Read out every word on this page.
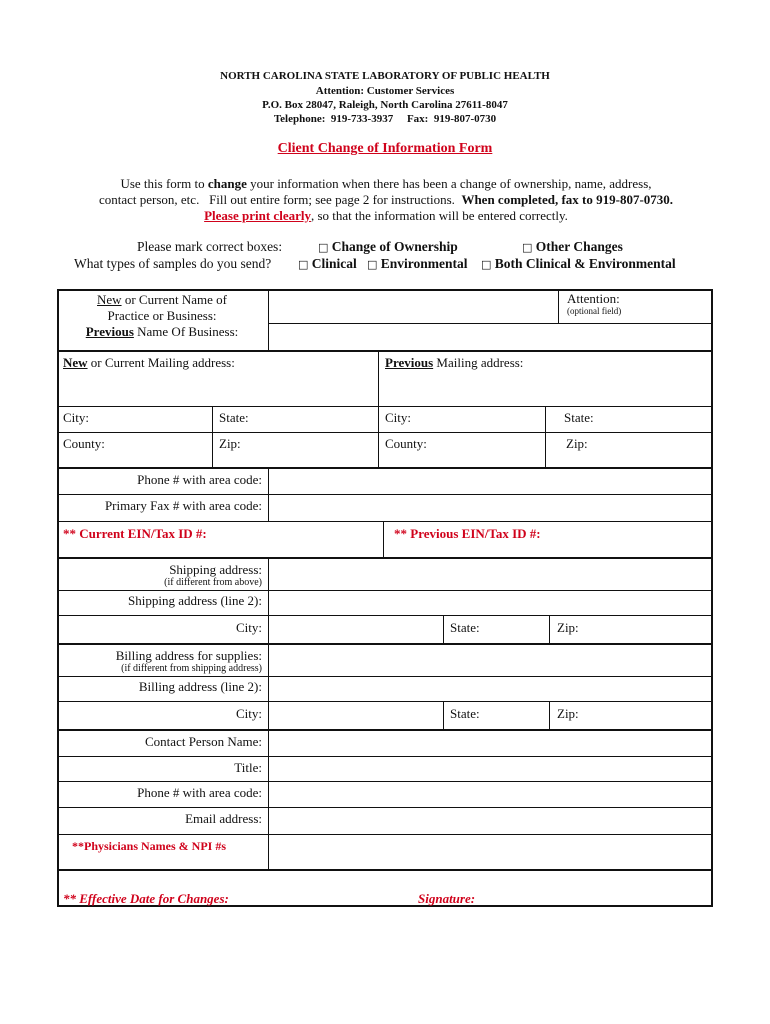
NORTH CAROLINA STATE LABORATORY OF PUBLIC HEALTH
Attention: Customer Services
P.O. Box 28047, Raleigh, North Carolina 27611-8047
Telephone:  919-733-3937     Fax:  919-807-0730
Client Change of Information Form
Use this form to change your information when there has been a change of ownership, name, address,
contact person, etc.   Fill out entire form; see page 2 for instructions.  When completed, fax to 919-807-0730.
Please print clearly, so that the information will be entered correctly.
Please mark correct boxes:	□ Change of Ownership	□ Other Changes
What types of samples do you send? □ Clinical □ Environmental □ Both Clinical & Environmental
New or Current Name of
Practice or Business:
Previous Name Of Business:
Attention:
(optional field)
New or Current Mailing address:	Previous Mailing address:
City:	State:	City:	State:
County:	Zip:	County:	Zip:
Phone # with area code:
Primary Fax # with area code:
** Current EIN/Tax ID #:	** Previous EIN/Tax ID #:
Shipping address:
(if different from above)
Shipping address (line 2):
City:	State:	Zip:
Billing address for supplies:
(if different from shipping address)
Billing address (line 2):
City:	State:	Zip:
Contact Person Name:
Title:
Phone # with area code:
Email address:
**Physicians Names & NPI #s
** Effective Date for Changes:	Signature:
